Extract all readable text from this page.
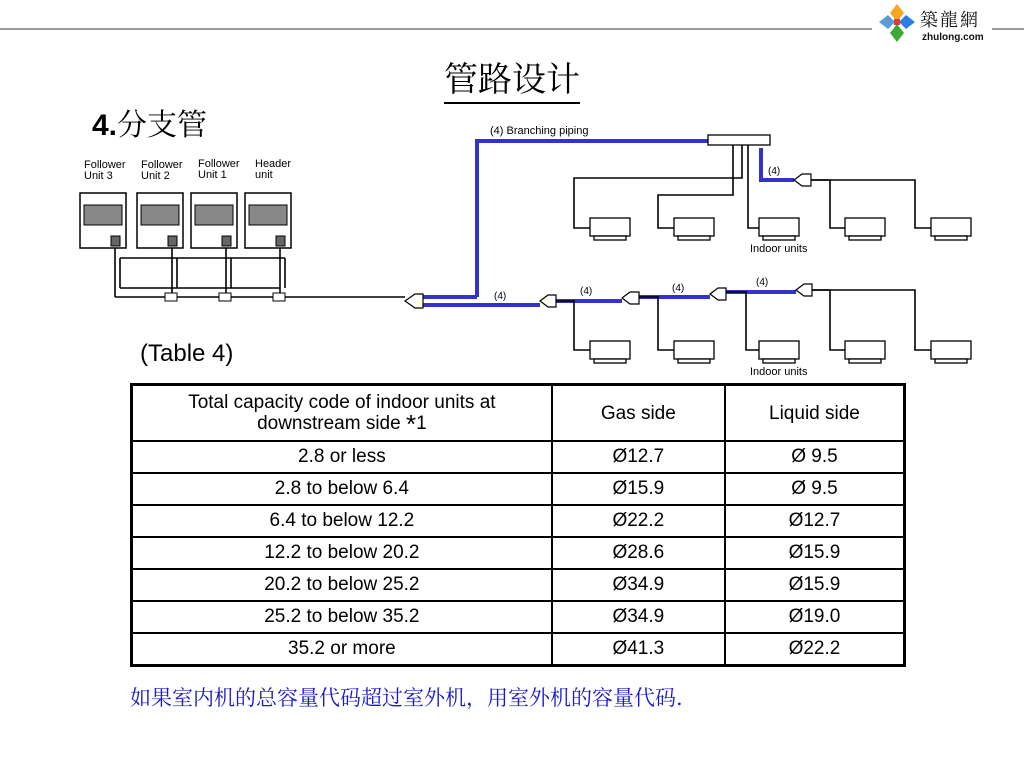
築龍網
zhulong.com
管路设计
4.分支管
Follower
Unit 3
Follower
Unit 2
Follower
Unit 1
Header
unit
(4) Branching piping
(4)
(4)	(4)	(4)
(4)
Indoor units
Indoor units
(Table 4)
Total capacity code of indoor units at
downstream side *1	Gas side	Liquid side
2.8 or less	Ø12.7	Ø 9.5
2.8 to below 6.4	Ø15.9	Ø 9.5
6.4 to below 12.2	Ø22.2	Ø12.7
12.2 to below 20.2	Ø28.6	Ø15.9
20.2 to below 25.2	Ø34.9	Ø15.9
25.2 to below 35.2	Ø34.9	Ø19.0
35.2 or more	Ø41.3	Ø22.2
如果室内机的总容量代码超过室外机，用室外机的容量代码.
